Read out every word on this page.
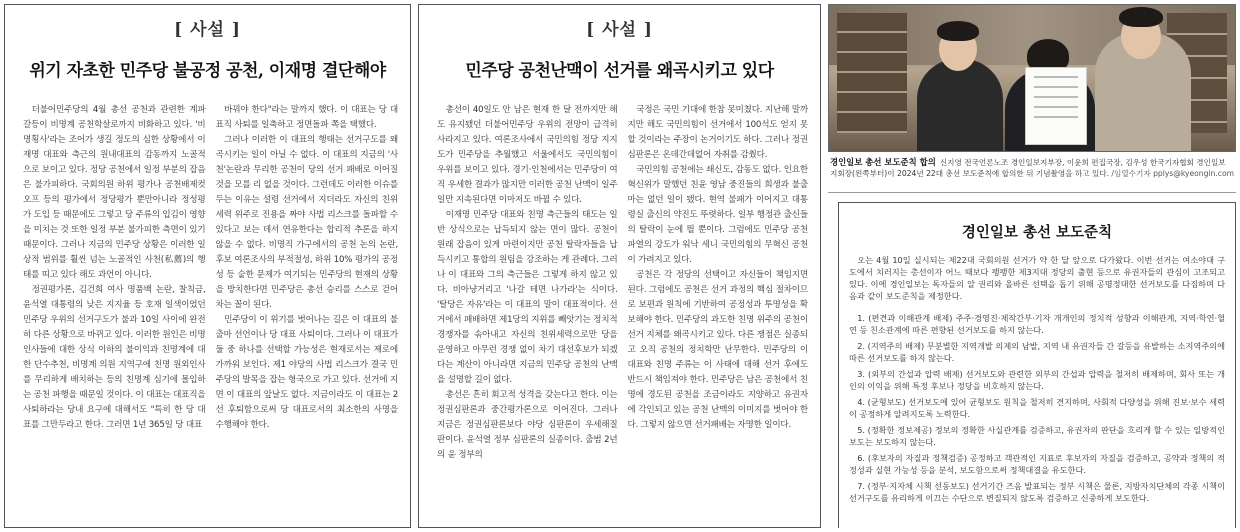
[ 사설 ]
위기 자초한 민주당 불공정 공천, 이재명 결단해야

더불어민주당의 4월 총선 공천과 관련한 계파 갈등이 비명계 공천학살로까지 비화하고 있다. '비명횡사'라는 조어가 생길 정도의 심한 상황에서 이재명 대표와 측근의 원내대표의 감동까지 노골적으로 보이고 있다. 정당 공천에서 일정 부분의 잡음은 불가피하다. 국회의원 하위 평가나 공천배제컷오프 등의 평가에서 정당평가 뿐만아니라 정성평가 도입 등 때문에도 그렇고 당 주류의 입김이 영향을 미치는 것 또한 일정 부분 불가피한 측면이 있기 때문이다. 그러나 지금의 민주당 상황은 이러한 일상적 범위를 훨씬 넘는 노골적인 사천(私薦)의 행태를 띠고 있다 해도 과언이 아니다.

정권평가론, 김건희 여사 명품백 논란, 찰칙금, 윤석열 대통령의 낮은 지지율 등 호재 일색이었던 민주당 우위의 선거구도가 불과 10일 사이에 완전히 다른 상황으로 바뀌고 있다. 이러한 원인은 비명 인사들에 대한 상식 이하의 불이익과 친명계에 대한 단수추천, 비명계 의원 지역구에 친명 원외인사를 무리하게 배치하는 등의 친명계 심기에 몰입하는 공천 파행을 때문일 것이다. 이 대표는 대표직을 사퇴하라는 당내 요구에 대해서도 "특히 한 당 대표를 그만두라고 한다. 그러면 1년 365일 당 대표

바꿔야 한다"라는 말까지 했다. 이 대표는 당 대표직 사퇴를 일축하고 정면돌파 쪽을 택했다.

그러나 이러한 이 대표의 행태는 선거구도를 왜곡시키는 일이 아닐 수 없다. 이 대표의 지금의 '사천'논란과 무리한 공천이 당의 선거 패배로 이어질 것을 모를 리 없을 것이다. 그런데도 이러한 이슈를 두는 이유는 설령 선거에서 지더라도 자신의 친위세력 위주로 진용을 짜야 사법 리스크를 돌파할 수 있다고 보는 데서 연유한다는 합리적 추론을 하지 않을 수 없다. 비명직 가구에서의 공천 논의 논란, 후보 여론조사의 부적절성, 하위 10% 평가의 공정성 등 숱한 문제가 여기되는 민주당의 현재의 상황을 방치한다면 민주당은 총선 승리를 스스로 걷어차는 꼴이 된다.

민주당이 이 위기를 벗어나는 길은 이 대표의 불출마 선언이나 당 대표 사퇴이다. 그러나 이 대표가 둘 중 하나를 선택할 가능성은 현재로서는 제로에 가까워 보인다. 제1 야당의 사법 리스크가 결국 민주당의 발목을 잡는 형국으로 가고 있다. 선거에 지면 이 대표의 앞날도 없다. 지금이라도 이 대표는 2선 후퇴함으로써 당 대표로서의 최소한의 사명을 수행해야 한다.

[ 사설 ]
민주당 공천난맥이 선거를 왜곡시키고 있다

총선이 40일도 안 남은 현재 한 달 전까지만 해도 유지됐던 더불어민주당 우위의 전망이 급격히 사라지고 있다. 여론조사에서 국민의힘 정당 지지도가 민주당을 추월했고 서울에서도 국민의힘이 우위를 보이고 있다. 경기·인천에서는 민주당이 여직 우세한 결과가 많지만 이러한 공천 난맥이 일주일만 지속된다면 이마저도 바뀔 수 있다.

이재명 민주당 대표와 친명 측근들의 태도는 일반 상식으로는 납득되지 않는 면이 많다. 공천이 원래 잡음이 있게 마련이지만 공천 탈락자들을 납득시키고 통합의 원팀을 강조하는 게 관례다. 그러나 이 대표와 그의 측근들은 그렇게 하지 않고 있다. 비아냥거리고 '나갈 테면 나가라'는 식이다. '탈당은 자유'라는 이 대표의 말이 대표적이다. 선거에서 패배하면 제1당의 지위를 빼앗기는 정치적 경쟁자를 솎아내고 자신의 친위세력으로만 당을 운영하고 아무런 경쟁 없이 차기 대선후보가 되겠다는 계산이 아니라면 지금의 민주당 공천의 난맥을 설명할 길이 없다.

총선은 흔히 회고적 성격을 갖는다고 한다. 이는 정권심판론과 중간평가론으로 이어진다. 그러나 지금은 정권심판론보다 야당 심판론이 우세해질 판이다. 윤석열 정부 심판론의 실종이다. 출범 2년의 윤 정부의

국정은 국민 기대에 한참 못미쳤다. 지난해 말까지만 해도 국민의힘이 선거에서 100석도 얻지 못할 것이라는 주장이 논거이기도 하다. 그러나 정권심판론은 온데간데없어 자취를 감췄다.

국민의힘 공천에는 쇄신도, 감동도 없다. 인요한 혁신위가 말했던 친윤 영남 중진들의 희생과 불출마는 없던 일이 됐다. 현역 불패가 이어지고 대통령실 출신의 약진도 뚜렷하다. 일부 행정관 출신들의 탈락이 눈에 띌 뿐이다. 그럼에도 민주당 공천 파열의 강도가 워낙 세니 국민의힘의 무혁신 공천이 가려지고 있다.

공천은 각 정당의 선택이고 자신들이 책임지면 된다. 그럼에도 공천은 선거 과정의 핵심 절차이므로 보편과 원칙에 기반하여 공정성과 투명성을 확보해야 한다. 민주당의 과도한 친명 위주의 공천이 선거 지체를 왜곡시키고 있다. 다른 쟁점은 실종되고 오직 공천의 정치학만 난무한다. 민주당의 이 대표와 친명 주류는 이 사태에 대해 선거 후에도 반드시 책임져야 한다. 민주당은 남은 공천에서 친명에 경도된 공천을 조금이라도 지양하고 유권자에 각인되고 있는 공천 난맥의 이미지를 벗어야 한다. 그렇지 않으면 선거패배는 자명한 일이다.

경인일보 총선 보도준칙 합의 신지영 전국언론노조 경인일보지부장, 이윤희 편집국장, 김우성 한국기자협회 경인일보 지회장(왼쪽부터)이 2024년 22대 총선 보도준칙에 합의한 뒤 기념촬영을 하고 있다. /임열수기자 pplys@kyeongin.com
경인일보 총선 보도준칙
오는 4월 10일 실시되는 제22대 국회의원 선거가 약 한 달 앞으로 다가왔다. 이번 선거는 여소야대 구도에서 치러지는 총선이자 어느 때보다 팽팽한 제3지대 정당의 출현 등으로 유권자들의 관심이 고조되고 있다. 이에 경인일보는 독자들의 알 권리와 올바른 선택을 돕기 위해 공명정대한 선거보도를 다짐하며 다음과 같이 보도준칙을 제정한다.
1. (편견과 이해관계 배제) 주주·경영진·제작간부·기자 개개인의 정치적 성향과 이해관계, 지역·학연·혈연 등 친소관계에 따른 편향된 선거보도를 하지 않는다.
2. (지역주의 배제) 무분별한 지역개발 의제의 남발, 지역 내 유권자들 간 갈등을 유발하는 소지역주의에 따른 선거보도를 하지 않는다.
3. (외부의 간섭과 압력 배제) 선거보도와 관련한 외부의 간섭과 압력을 철저히 배제하며, 회사 또는 개인의 이익을 위해 특정 후보나 정당을 비호하지 않는다.
4. (균형보도) 선거보도에 있어 균형보도 원칙을 철저히 견지하며, 사회적 다양성을 위해 진보·보수 세력이 공정하게 알려지도록 노력한다.
5. (정확한 정보제공) 정보의 정확한 사실관계를 검증하고, 유권자의 판단을 흐리게 할 수 있는 일방적인 보도는 보도하지 않는다.
6. (후보자의 자질과 정책검증) 공정하고 객관적인 지표로 후보자의 자질을 검증하고, 공약과 정책의 적정성과 실현 가능성 등을 분석, 보도함으로써 정책대결을 유도한다.
7. (정부·지자체 시책 선동보도) 선거기간 즈음 발표되는 정부 시책은 물론, 지방자치단체의 각종 시책이 선거구도를 유리하게 이끄는 수단으로 변질되지 않도록 검증하고 신중하게 보도한다.
